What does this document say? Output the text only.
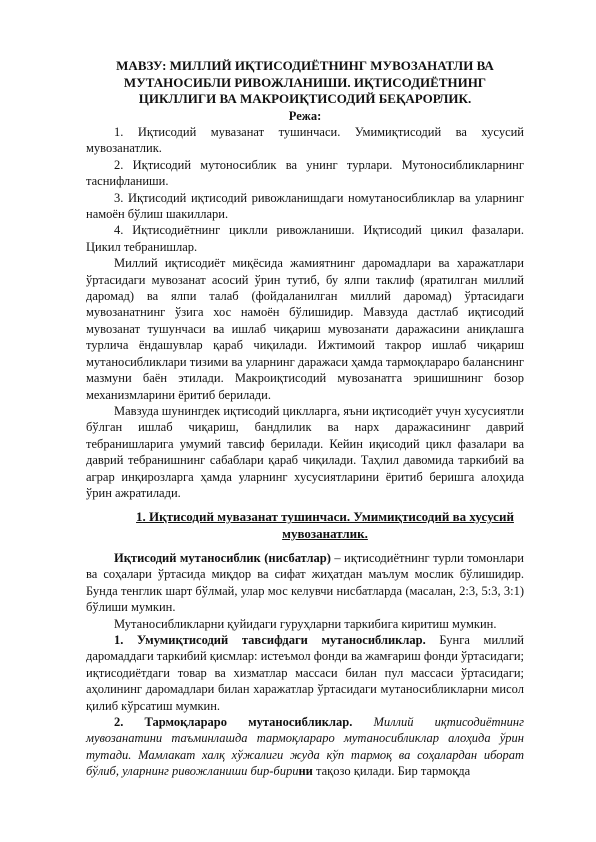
МАВЗУ: МИЛЛИЙ ИҚТИСОДИЁТНИНГ МУВОЗАНАТЛИ ВА МУТАНОСИБЛИ РИВОЖЛАНИШИ. ИҚТИСОДИЁТНИНГ ЦИКЛЛИГИ ВА МАКРОИҚТИСОДИЙ БЕҚАРОРЛИК.
Режа:

1. Иқтисодий мувазанат тушинчаси. Умимиқтисодий ва хусусий мувозанатлик.

2. Иқтисодий мутоносиблик ва унинг турлари. Мутоносибликларнинг таснифланиши.

3. Иқтисодий иқтисодий ривожланишдаги номутаносибликлар ва уларнинг намоён бўлиш шакиллари.

4. Иқтисодиётнинг циклли ривожланиши. Иқтисодий цикил фазалари. Цикил тебранишлар.

Миллий иқтисодиёт миқёсида жамиятнинг даромадлари ва харажатлари ўртасидаги мувозанат асосий ўрин тутиб, бу ялпи таклиф (яратилган миллий даромад) ва ялпи талаб (фойдаланилган миллий даромад) ўртасидаги мувозанатнинг ўзига хос намоён бўлишидир. Мавзуда дастлаб иқтисодий мувозанат тушунчаси ва ишлаб чиқариш мувозанати даражасини аниқлашга турлича ёндашувлар қараб чиқилади. Ижтимоий такрор ишлаб чиқариш мутаносибликлари тизими ва уларнинг даражаси ҳамда тармоқлараро баланснинг мазмуни баён этилади. Макроиқтисодий мувозанатга эришишнинг бозор механизмларини ёритиб берилади.

Мавзуда шунингдек иқтисодий циклларга, яъни иқтисодиёт учун хусусиятли бўлган ишлаб чиқариш, бандлилик ва нарх даражасининг даврий тебранишларига умумий тавсиф берилади. Кейин иқисодий цикл фазалари ва даврий тебранишнинг сабаблари қараб чиқилади. Таҳлил давомида таркибий ва аграр инқирозларга ҳамда уларнинг хусусиятларини ёритиб беришга алоҳида ўрин ажратилади.

1. Иқтисодий мувазанат тушинчаси. Умимиқтисодий ва хусусий мувозанатлик.

Иқтисодий мутаносиблик (нисбатлар) – иқтисодиётнинг турли томонлари ва соҳалари ўртасида миқдор ва сифат жиҳатдан маълум мослик бўлишидир. Бунда тенглик шарт бўлмай, улар мос келувчи нисбатларда (масалан, 2:3, 5:3, 3:1) бўлиши мумкин.

Мутаносибликларни қуйидаги гуруҳларни таркибига киритиш мумкин.

1. Умумиқтисодий тавсифдаги мутаносибликлар. Бунга миллий даромаддаги таркибий қисмлар: истеъмол фонди ва жамғариш фонди ўртасидаги; иқтисодиётдаги товар ва хизматлар массаси билан пул массаси ўртасидаги; аҳолининг даромадлари билан харажатлар ўртасидаги мутаносибликларни мисол қилиб кўрсатиш мумкин.

2. Тармоқлараро мутаносибликлар. Миллий иқтисодиётнинг мувозанатини таъминлашда тармоқлараро мутаносибликлар алоҳида ўрин тутади. Мамлакат халқ хўжалиги жуда кўп тармоқ ва соҳалардан иборат бўлиб, уларнинг ривожланиши бир-бирини тақозо қилади. Бир тармоқда
